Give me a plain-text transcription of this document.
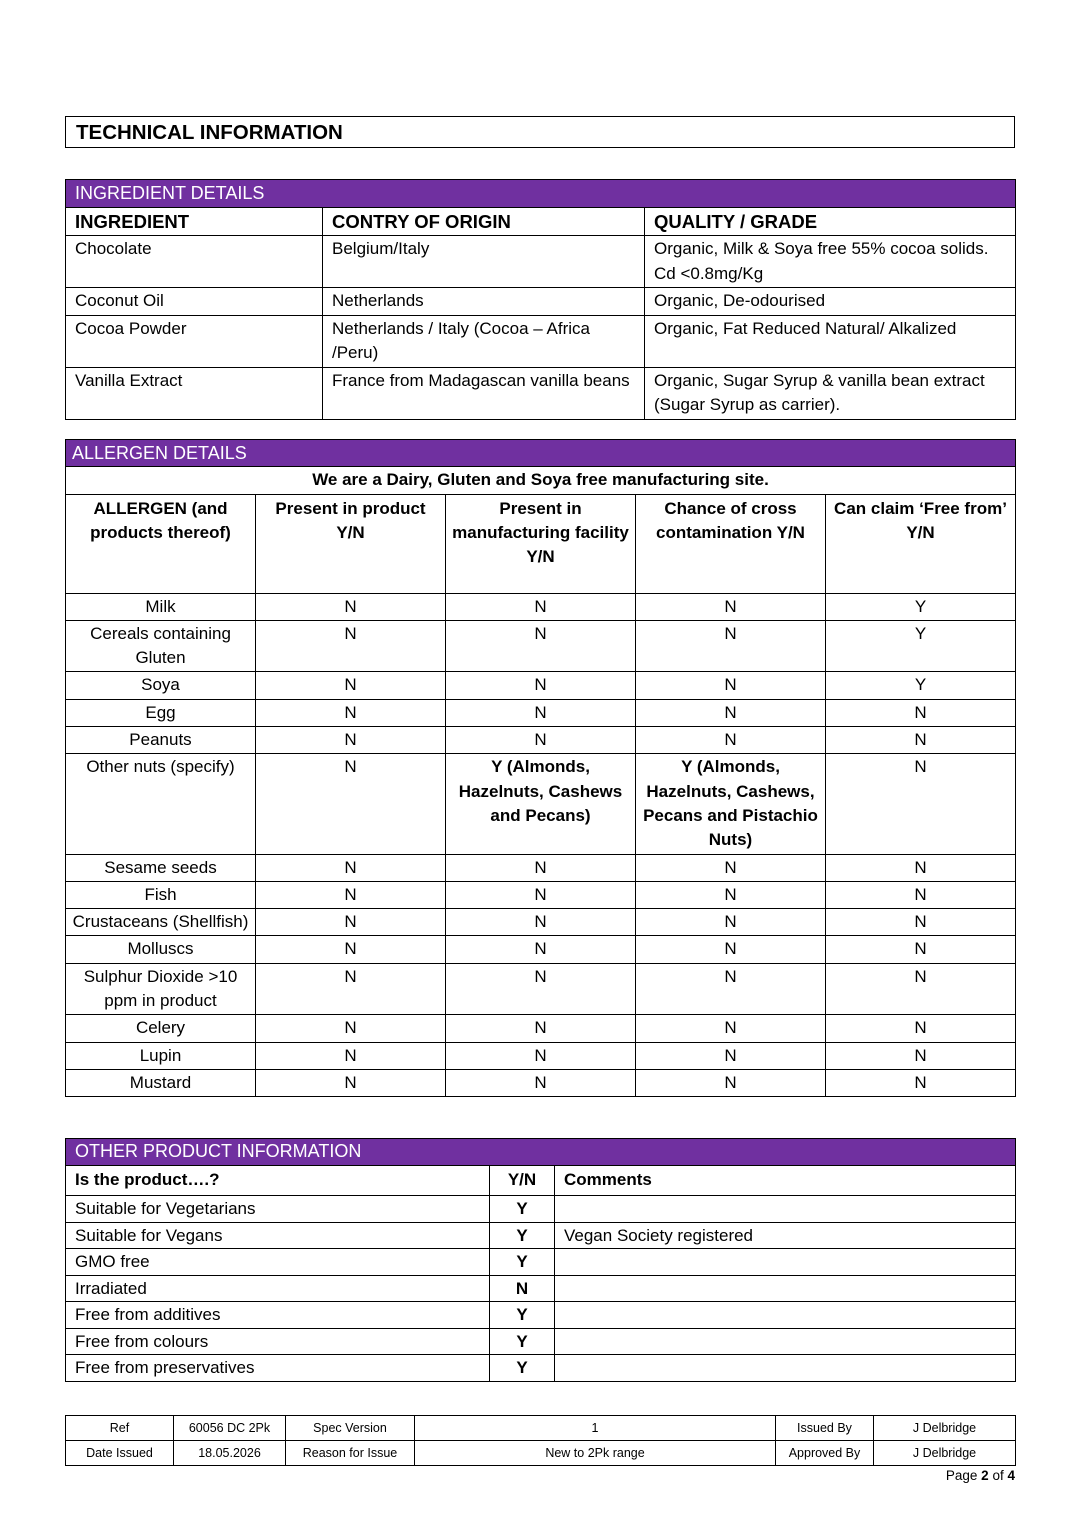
TECHNICAL INFORMATION
INGREDIENT DETAILS		
INGREDIENT	CONTRY OF ORIGIN	QUALITY / GRADE
Chocolate	Belgium/Italy	Organic, Milk & Soya free 55% cocoa solids. Cd <0.8mg/Kg
Coconut Oil	Netherlands	Organic, De-odourised
Cocoa Powder	Netherlands / Italy (Cocoa – Africa /Peru)	Organic, Fat Reduced Natural/ Alkalized
Vanilla Extract	France from Madagascan vanilla beans	Organic, Sugar Syrup & vanilla bean extract (Sugar Syrup as carrier).
ALLERGEN DETAILS				
We are a Dairy, Gluten and Soya free manufacturing site.				
ALLERGEN (and products thereof)	Present in product Y/N	Present in manufacturing facility Y/N	Chance of cross contamination Y/N	Can claim ‘Free from’ Y/N
Milk	N	N	N	Y
Cereals containing Gluten	N	N	N	Y
Soya	N	N	N	Y
Egg	N	N	N	N
Peanuts	N	N	N	N
Other nuts (specify)	N	Y (Almonds, Hazelnuts, Cashews and Pecans)	Y (Almonds, Hazelnuts, Cashews, Pecans and Pistachio Nuts)	N
Sesame seeds	N	N	N	N
Fish	N	N	N	N
Crustaceans (Shellfish)	N	N	N	N
Molluscs	N	N	N	N
Sulphur Dioxide >10 ppm in product	N	N	N	N
Celery	N	N	N	N
Lupin	N	N	N	N
Mustard	N	N	N	N
OTHER PRODUCT INFORMATION		
Is the product….?	Y/N	Comments
Suitable for Vegetarians	Y	
Suitable for Vegans	Y	Vegan Society registered
GMO free	Y	
Irradiated	N	
Free from additives	Y	
Free from colours	Y	
Free from preservatives	Y	
Ref	60056 DC 2Pk	Spec Version	1	Issued By	J Delbridge
Date Issued	18.05.2026	Reason for Issue	New to 2Pk range	Approved By	J Delbridge
Page 2 of 4
